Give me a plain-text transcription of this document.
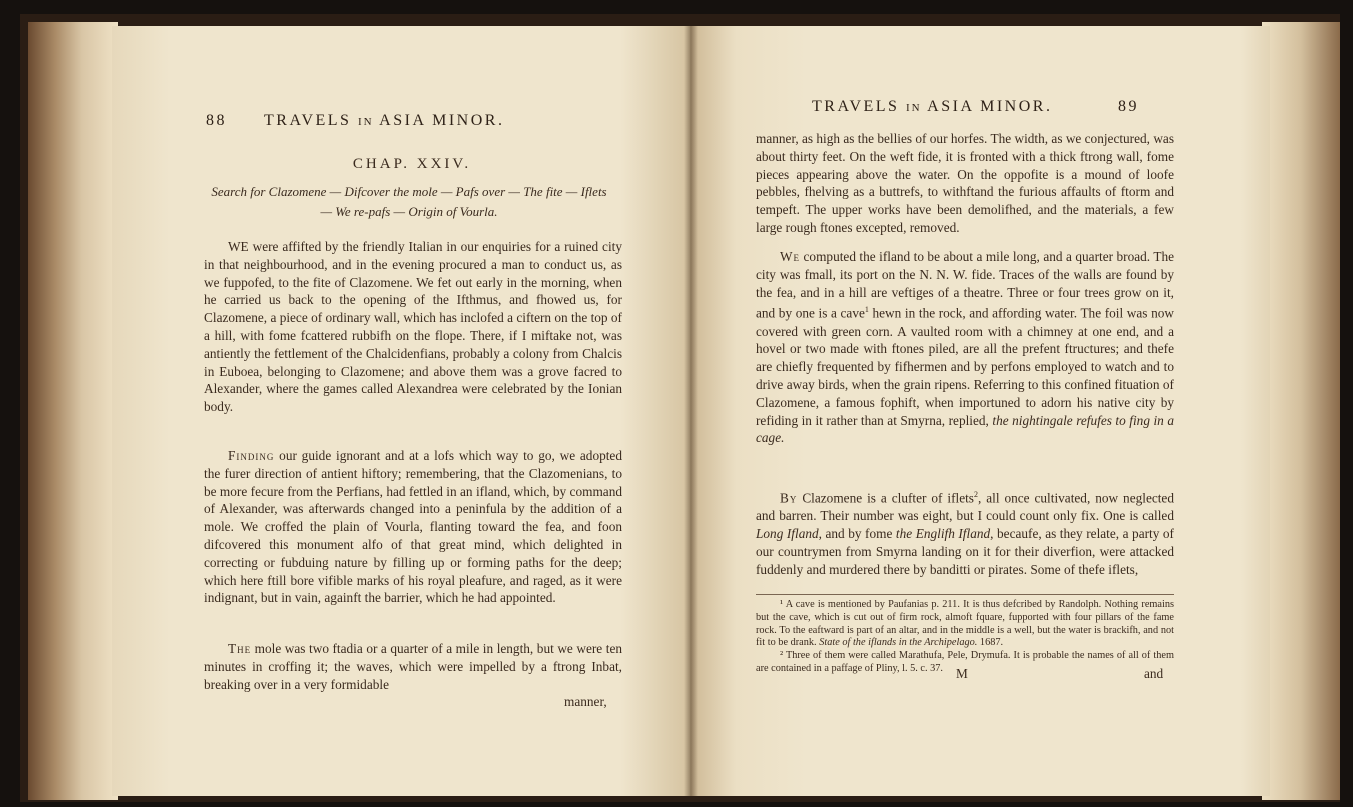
88 TRAVELS IN ASIA MINOR.
CHAP. XXIV.
Search for Clazomene — Difcover the mole — Pafs over — The fite — Iflets — We re-pafs — Origin of Vourla.

WE were affifted by the friendly Italian in our enquiries for a ruined city in that neighbourhood, and in the evening procured a man to conduct us, as we fuppofed, to the fite of Clazomene. We fet out early in the morning, when he carried us back to the opening of the Ifthmus, and fhowed us, for Clazomene, a piece of ordinary wall, which has inclofed a ciftern on the top of a hill, with fome fcattered rubbifh on the flope. There, if I miftake not, was antiently the fettlement of the Chalcidenfians, probably a colony from Chalcis in Euboea, belonging to Clazomene; and above them was a grove facred to Alexander, where the games called Alexandrea were celebrated by the Ionian body.

Finding our guide ignorant and at a lofs which way to go, we adopted the furer direction of antient hiftory; remembering, that the Clazomenians, to be more fecure from the Perfians, had fettled in an ifland, which, by command of Alexander, was afterwards changed into a peninfula by the addition of a mole. We croffed the plain of Vourla, flanting toward the fea, and foon difcovered this monument alfo of that great mind, which delighted in correcting or fubduing nature by filling up or forming paths for the deep; which here ftill bore vifible marks of his royal pleafure, and raged, as it were indignant, but in vain, againft the barrier, which he had appointed.

The mole was two ftadia or a quarter of a mile in length, but we were ten minutes in croffing it; the waves, which were impelled by a ftrong Inbat, breaking over in a very formidable

manner,
TRAVELS IN ASIA MINOR.	89

manner, as high as the bellies of our horfes. The width, as we conjectured, was about thirty feet. On the weft fide, it is fronted with a thick ftrong wall, fome pieces appearing above the water. On the oppofite is a mound of loofe pebbles, fhelving as a buttrefs, to withftand the furious affaults of ftorm and tempeft. The upper works have been demolifhed, and the materials, a few large rough ftones excepted, removed.

We computed the ifland to be about a mile long, and a quarter broad. The city was fmall, its port on the N. N. W. fide. Traces of the walls are found by the fea, and in a hill are veftiges of a theatre. Three or four trees grow on it, and by one is a cave$^1$ hewn in the rock, and affording water. The foil was now covered with green corn. A vaulted room with a chimney at one end, and a hovel or two made with ftones piled, are all the prefent ftructures; and thefe are chiefly frequented by fifhermen and by perfons employed to watch and to drive away birds, when the grain ripens. Referring to this confined fituation of Clazomene, a famous fophift, when importuned to adorn his native city by refiding in it rather than at Smyrna, replied, the nightingale refufes to fing in a cage.

By Clazomene is a clufter of iflets$^2$, all once cultivated, now neglected and barren. Their number was eight, but I could count only fix. One is called Long Ifland, and by fome the Englifh Ifland, becaufe, as they relate, a party of our countrymen from Smyrna landing on it for their diverfion, were attacked fuddenly and murdered there by banditti or pirates. Some of thefe iflets,

¹ A cave is mentioned by Paufanias p. 211. It is thus defcribed by Randolph. Nothing remains but the cave, which is cut out of firm rock, almoft fquare, fupported with four pillars of the fame rock. To the eaftward is part of an altar, and in the middle is a well, but the water is brackifh, and not fit to be drank. State of the iflands in the Archipelago. 1687.

² Three of them were called Marathufa, Pele, Drymufa. It is probable the names of all of them are contained in a paffage of Pliny, l. 5. c. 37. M	and
